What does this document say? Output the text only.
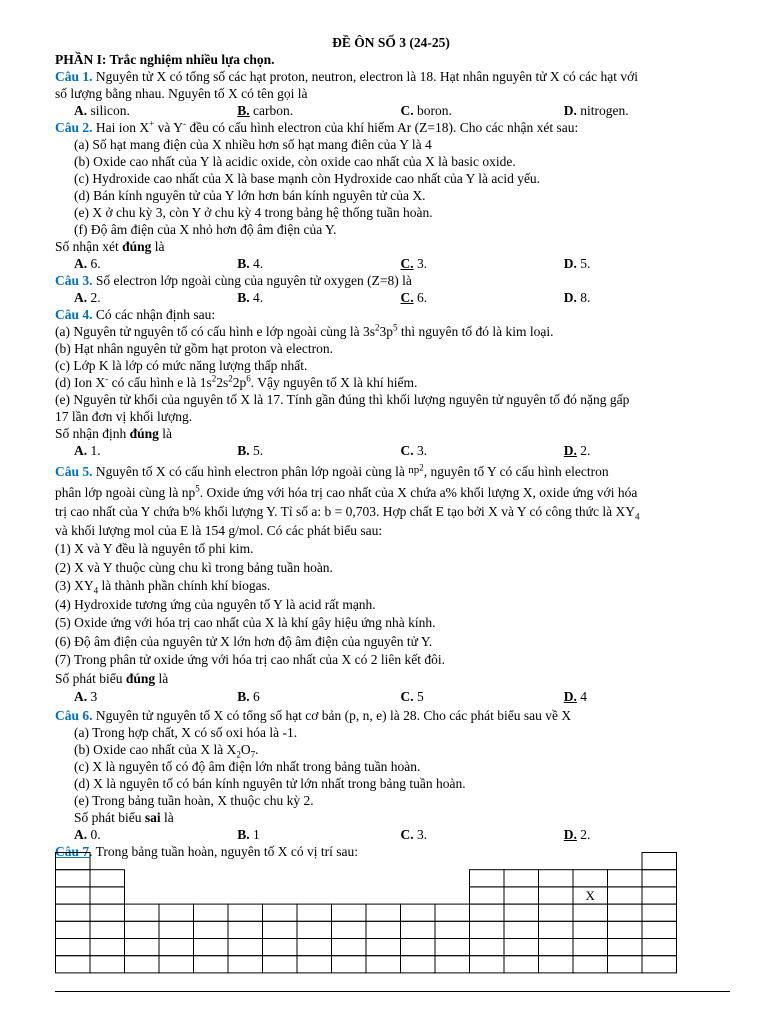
ĐỀ ÔN SỐ 3 (24-25)
PHẦN I: Trắc nghiệm nhiều lựa chọn.
Câu 1. Nguyên tử X có tổng số các hạt proton, neutron, electron là 18. Hạt nhân nguyên tử X có các hạt với
số lượng bằng nhau. Nguyên tố X có tên gọi là
A. silicon.	B. carbon.	C. boron.	D. nitrogen.
Câu 2. Hai ion X+ và Y- đều có cấu hình electron của khí hiếm Ar (Z=18). Cho các nhận xét sau:
(a) Số hạt mang điện của X nhiều hơn số hạt mang điên của Y là 4
(b) Oxide cao nhất của Y là acidic oxide, còn oxide cao nhất của X là basic oxide.
(c) Hydroxide cao nhất của X là base mạnh còn Hydroxide cao nhất của Y là acid yếu.
(d) Bán kính nguyên tử của Y lớn hơn bán kính nguyên tử của X.
(e) X ở chu kỳ 3, còn Y ở chu kỳ 4 trong bảng hệ thống tuần hoàn.
(f) Độ âm điện của X nhỏ hơn độ âm điện của Y.
Số nhận xét đúng là
A. 6.	B. 4.	C. 3.	D. 5.
Câu 3. Số electron lớp ngoài cùng của nguyên tử oxygen (Z=8) là
A. 2.	B. 4.	C. 6.	D. 8.
Câu 4. Có các nhận định sau:
(a) Nguyên tử nguyên tố có cấu hình e lớp ngoài cùng là $3s^23p^5$ thì nguyên tố đó là kim loại.
(b) Hạt nhân nguyên tử gồm hạt proton và electron.
(c) Lớp K là lớp có mức năng lượng thấp nhất.
(d) Ion X- có cấu hình e là $1s^22s^22p^6$. Vậy nguyên tố X là khí hiếm.
(e) Nguyên tử khối của nguyên tố X là 17. Tính gần đúng thì khối lượng nguyên tử nguyên tố đó nặng gấp
17 lần đơn vị khối lượng.
Số nhận định đúng là
A. 1.	B. 5.	C. 3.	D. 2.
Câu 5. Nguyên tố X có cấu hình electron phân lớp ngoài cùng là $^{np2}$, nguyên tố Y có cấu hình electron
phân lớp ngoài cùng là $np^5$. Oxide ứng với hóa trị cao nhất của X chứa a% khối lượng X, oxide ứng với hóa
trị cao nhất của Y chứa b% khối lượng Y. Tỉ số a: b = 0,703. Hợp chất E tạo bởi X và Y có công thức là $XY_4$
và khối lượng mol của E là 154 g/mol. Có các phát biểu sau:
(1) X và Y đều là nguyên tố phi kim.
(2) X và Y thuộc cùng chu kì trong bảng tuần hoàn.
(3) $XY_4$ là thành phần chính khí biogas.
(4) Hydroxide tương ứng của nguyên tố Y là acid rất mạnh.
(5) Oxide ứng với hóa trị cao nhất của X là khí gây hiệu ứng nhà kính.
(6) Độ âm điện của nguyên tử X lớn hơn độ âm điện của nguyên tử Y.
(7) Trong phân tử oxide ứng với hóa trị cao nhất của X có 2 liên kết đôi.
Số phát biểu đúng là
A. 3	B. 6	C. 5	D. 4
Câu 6. Nguyên tử nguyên tố X có tổng số hạt cơ bản (p, n, e) là 28. Cho các phát biểu sau về X
(a) Trong hợp chất, X có số oxi hóa là -1.
(b) Oxide cao nhất của X là $X_2O_7$.
(c) X là nguyên tố có độ âm điện lớn nhất trong bảng tuần hoàn.
(d) X là nguyên tố có bán kính nguyên tử lớn nhất trong bảng tuần hoàn.
(e) Trong bảng tuần hoàn, X thuộc chu kỳ 2.
Số phát biểu sai là
A. 0.	B. 1	C. 3.	D. 2.
Câu 7. Trong bảng tuần hoàn, nguyên tố X có vị trí sau:
X
